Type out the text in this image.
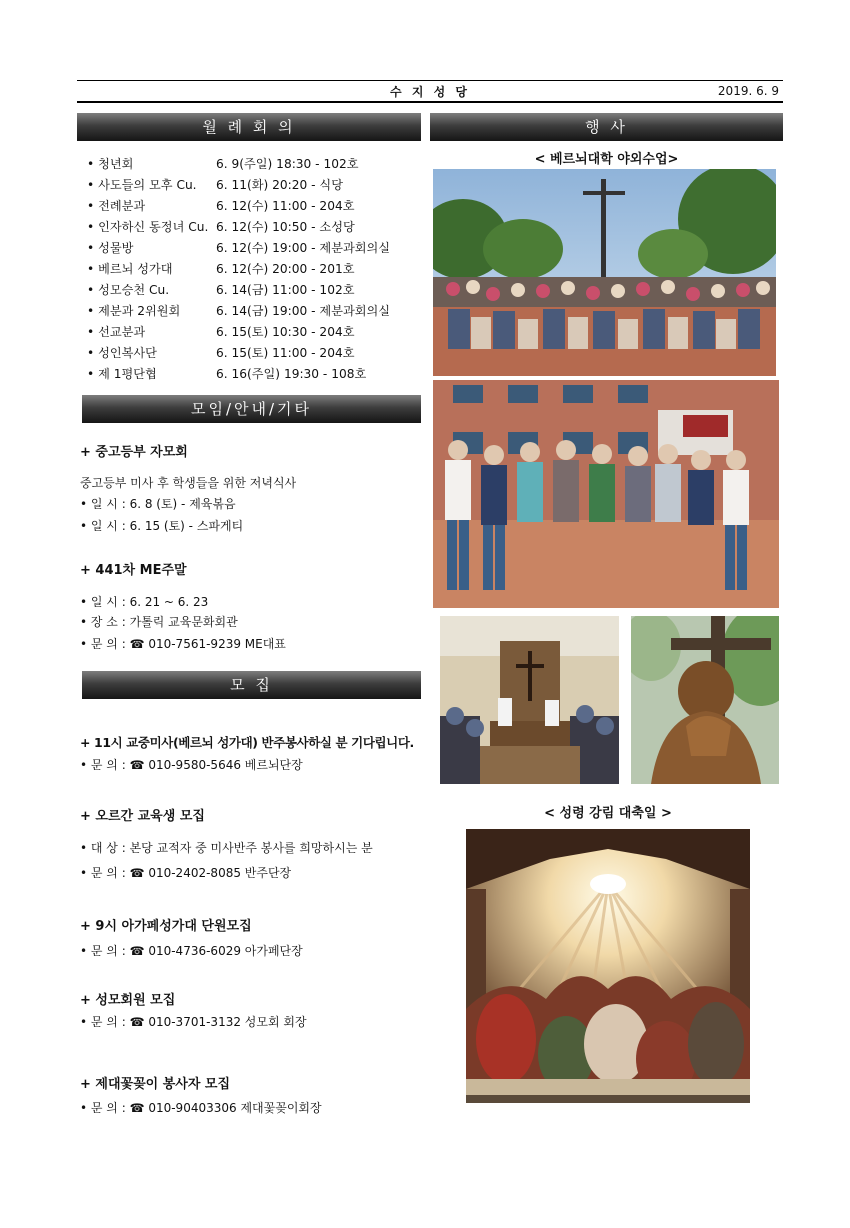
수 지 성 당	2019. 6. 9
월 례 회 의
• 청년회	6. 9(주일) 18:30 - 102호
• 사도들의 모후 Cu. 6. 11(화) 20:20 - 식당
• 전례분과	6. 12(수) 11:00 - 204호
• 인자하신 동정녀 Cu. 6. 12(수) 10:50 - 소성당
• 성물방	6. 12(수) 19:00 - 제분과회의실
• 베르뇌 성가대	6. 12(수) 20:00 - 201호
• 성모승천 Cu.	6. 14(금) 11:00 - 102호
• 제분과 2위원회	6. 14(금) 19:00 - 제분과회의실
• 선교분과	6. 15(토) 10:30 - 204호
• 성인복사단	6. 15(토) 11:00 - 204호
• 제 1평단협	6. 16(주일) 19:30 - 108호
모임/안내/기타
+ 중고등부 자모회
중고등부 미사 후 학생들을 위한 저녁식사
• 일 시 : 6. 8 (토) - 제육볶음
• 일 시 : 6. 15 (토) - 스파게티
+ 441차 ME주말
• 일 시 : 6. 21 ~ 6. 23
• 장 소 : 가톨릭 교육문화회관
• 문 의 : ☎ 010-7561-9239 ME대표
모 집
+ 11시 교중미사(베르뇌 성가대) 반주봉사하실 분 기다립니다.
• 문 의 : ☎ 010-9580-5646 베르뇌단장
+ 오르간 교육생 모집
• 대 상 : 본당 교적자 중 미사반주 봉사를 희망하시는 분
• 문 의 : ☎ 010-2402-8085 반주단장
+ 9시 아가페성가대 단원모집
• 문 의 : ☎ 010-4736-6029 아가페단장
+ 성모회원 모집
• 문 의 : ☎ 010-3701-3132 성모회 회장
+ 제대꽃꽂이 봉사자 모집
• 문 의 : ☎ 010-90403306 제대꽃꽂이회장
행 사
< 베르뇌대학 야외수업>
< 성령 강림 대축일 >
